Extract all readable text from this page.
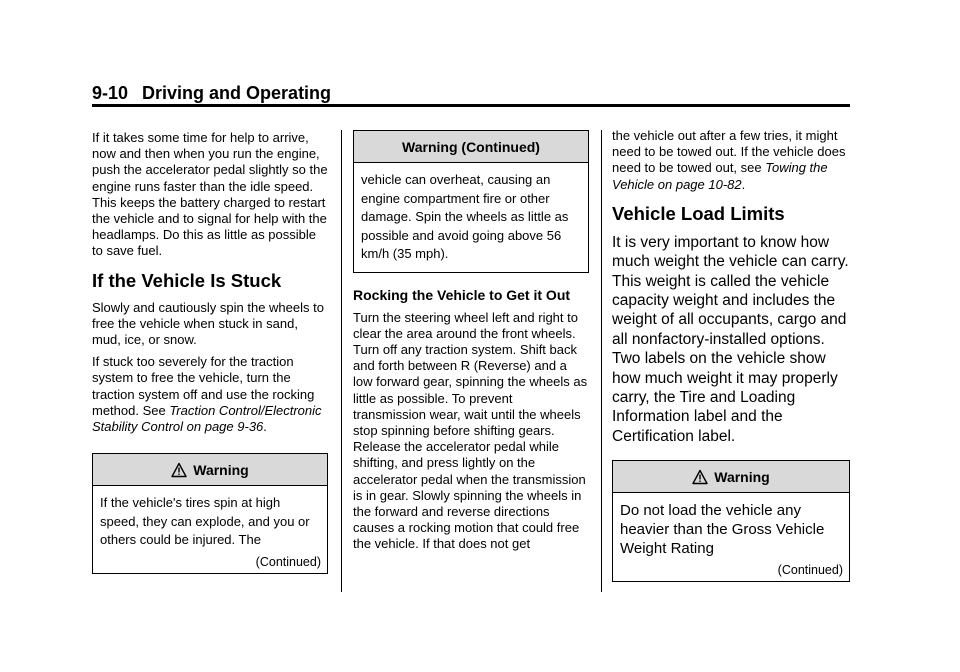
9-10 Driving and Operating

If it takes some time for help to arrive, now and then when you run the engine, push the accelerator pedal slightly so the engine runs faster than the idle speed. This keeps the battery charged to restart the vehicle and to signal for help with the headlamps. Do this as little as possible to save fuel.

If the Vehicle Is Stuck

Slowly and cautiously spin the wheels to free the vehicle when stuck in sand, mud, ice, or snow.

If stuck too severely for the traction system to free the vehicle, turn the traction system off and use the rocking method. See Traction Control/Electronic Stability Control on page 9-36.

Warning
If the vehicle's tires spin at high speed, they can explode, and you or others could be injured. The
(Continued)
Warning (Continued)
vehicle can overheat, causing an engine compartment fire or other damage. Spin the wheels as little as possible and avoid going above 56 km/h (35 mph).
Rocking the Vehicle to Get it Out

Turn the steering wheel left and right to clear the area around the front wheels. Turn off any traction system. Shift back and forth between R (Reverse) and a low forward gear, spinning the wheels as little as possible. To prevent transmission wear, wait until the wheels stop spinning before shifting gears. Release the accelerator pedal while shifting, and press lightly on the accelerator pedal when the transmission is in gear. Slowly spinning the wheels in the forward and reverse directions causes a rocking motion that could free the vehicle. If that does not get

the vehicle out after a few tries, it might need to be towed out. If the vehicle does need to be towed out, see Towing the Vehicle on page 10-82.

Vehicle Load Limits

It is very important to know how much weight the vehicle can carry. This weight is called the vehicle capacity weight and includes the weight of all occupants, cargo and all nonfactory-installed options. Two labels on the vehicle show how much weight it may properly carry, the Tire and Loading Information label and the Certification label.

Warning
Do not load the vehicle any heavier than the Gross Vehicle Weight Rating
(Continued)
